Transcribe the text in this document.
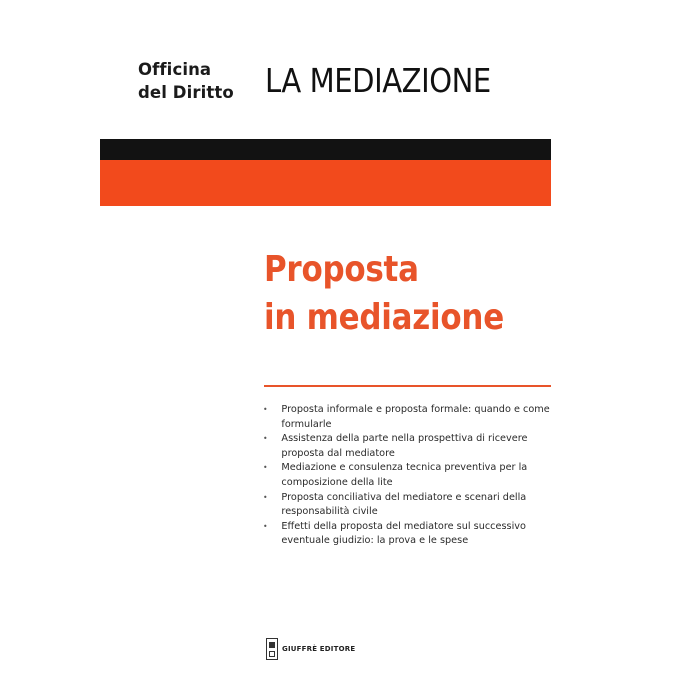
Officina
del Diritto LA MEDIAZIONE
Proposta
in mediazione
• Proposta informale e proposta formale: quando e come formularle
• Assistenza della parte nella prospettiva di ricevere proposta dal mediatore
• Mediazione e consulenza tecnica preventiva per la composizione della lite
• Proposta conciliativa del mediatore e scenari della responsabilità civile
• Effetti della proposta del mediatore sul successivo eventuale giudizio: la prova e le spese
GIUFFRÈ EDITORE
